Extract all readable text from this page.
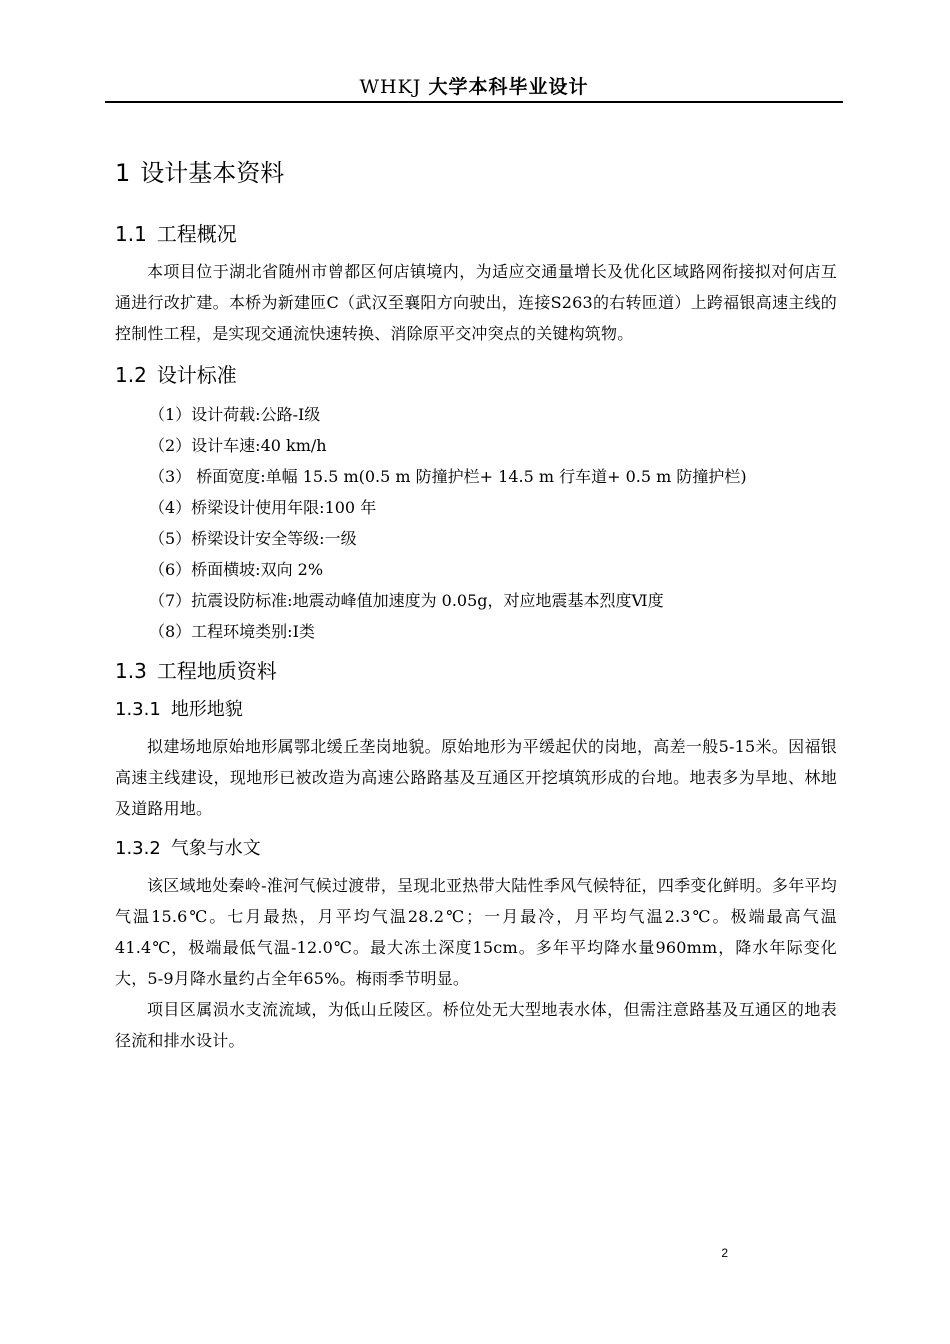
WHKJ 大学本科毕业设计
1 设计基本资料
1.1 工程概况

本项目位于湖北省随州市曾都区何店镇境内，为适应交通量增长及优化区域路网衔接拟对何店互通进行改扩建。本桥为新建匝C（武汉至襄阳方向驶出，连接S263的右转匝道）上跨福银高速主线的控制性工程，是实现交通流快速转换、消除原平交冲突点的关键构筑物。

1.2 设计标准
（1）设计荷载:公路-Ⅰ级
（2）设计车速:40 km/h
（3） 桥面宽度:单幅 15.5 m(0.5 m 防撞护栏+ 14.5 m 行车道+ 0.5 m 防撞护栏)
（4）桥梁设计使用年限:100 年
（5）桥梁设计安全等级:一级
（6）桥面横坡:双向 2%
（7）抗震设防标准:地震动峰值加速度为 0.05g，对应地震基本烈度Ⅵ度
（8）工程环境类别:Ⅰ类
1.3 工程地质资料
1.3.1 地形地貌

拟建场地原始地形属鄂北缓丘垄岗地貌。原始地形为平缓起伏的岗地，高差一般5-15米。因福银高速主线建设，现地形已被改造为高速公路路基及互通区开挖填筑形成的台地。地表多为旱地、林地及道路用地。

1.3.2 气象与水文

该区域地处秦岭-淮河气候过渡带，呈现北亚热带大陆性季风气候特征，四季变化鲜明。多年平均气温15.6℃。七月最热，月平均气温28.2℃；一月最冷，月平均气温2.3℃。极端最高气温41.4℃，极端最低气温-12.0℃。最大冻土深度15cm。多年平均降水量960mm，降水年际变化大，5-9月降水量约占全年65%。梅雨季节明显。

项目区属涢水支流流域，为低山丘陵区。桥位处无大型地表水体，但需注意路基及互通区的地表径流和排水设计。

2
